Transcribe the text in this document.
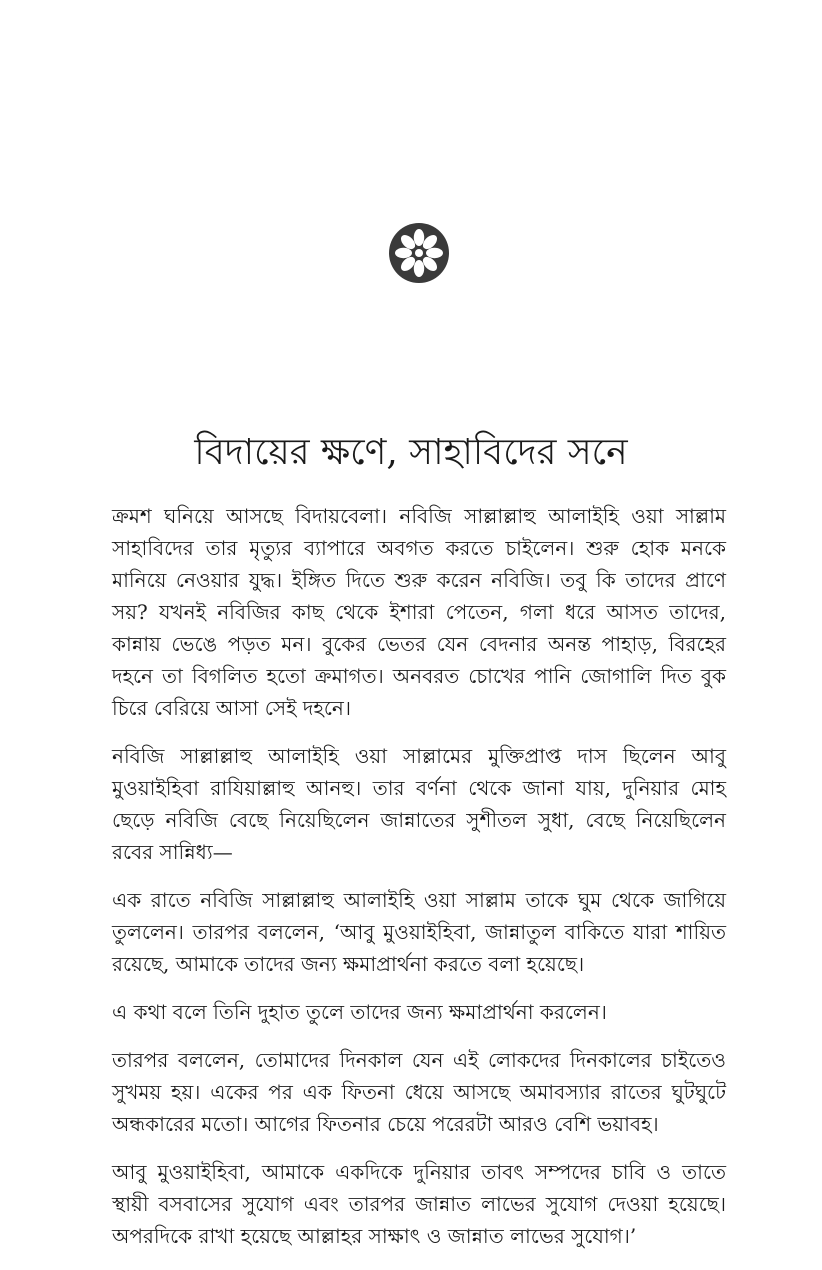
বিদায়ের ক্ষণে, সাহাবিদের সনে

ক্রমশ ঘনিয়ে আসছে বিদায়বেলা। নবিজি সাল্লাল্লাহু আলাইহি ওয়া সাল্লাম সাহাবিদের তার মৃত্যুর ব্যাপারে অবগত করতে চাইলেন। শুরু হোক মনকে মানিয়ে নেওয়ার যুদ্ধ। ইঙ্গিত দিতে শুরু করেন নবিজি। তবু কি তাদের প্রাণে সয়? যখনই নবিজির কাছ থেকে ইশারা পেতেন, গলা ধরে আসত তাদের, কান্নায় ভেঙে পড়ত মন। বুকের ভেতর যেন বেদনার অনন্ত পাহাড়, বিরহের দহনে তা বিগলিত হতো ক্রমাগত। অনবরত চোখের পানি জোগালি দিত বুক চিরে বেরিয়ে আসা সেই দহনে।

নবিজি সাল্লাল্লাহু আলাইহি ওয়া সাল্লামের মুক্তিপ্রাপ্ত দাস ছিলেন আবু মুওয়াইহিবা রাযিয়াল্লাহু আনহু। তার বর্ণনা থেকে জানা যায়, দুনিয়ার মোহ ছেড়ে নবিজি বেছে নিয়েছিলেন জান্নাতের সুশীতল সুধা, বেছে নিয়েছিলেন রবের সান্নিধ্য—

এক রাতে নবিজি সাল্লাল্লাহু আলাইহি ওয়া সাল্লাম তাকে ঘুম থেকে জাগিয়ে তুললেন। তারপর বললেন, ‘আবু মুওয়াইহিবা, জান্নাতুল বাকিতে যারা শায়িত রয়েছে, আমাকে তাদের জন্য ক্ষমাপ্রার্থনা করতে বলা হয়েছে।

এ কথা বলে তিনি দুহাত তুলে তাদের জন্য ক্ষমাপ্রার্থনা করলেন।

তারপর বললেন, তোমাদের দিনকাল যেন এই লোকদের দিনকালের চাইতেও সুখময় হয়। একের পর এক ফিতনা ধেয়ে আসছে অমাবস্যার রাতের ঘুটঘুটে অন্ধকারের মতো। আগের ফিতনার চেয়ে পরেরটা আরও বেশি ভয়াবহ।

আবু মুওয়াইহিবা, আমাকে একদিকে দুনিয়ার তাবৎ সম্পদের চাবি ও তাতে স্থায়ী বসবাসের সুযোগ এবং তারপর জান্নাত লাভের সুযোগ দেওয়া হয়েছে। অপরদিকে রাখা হয়েছে আল্লাহর সাক্ষাৎ ও জান্নাত লাভের সুযোগ।’
